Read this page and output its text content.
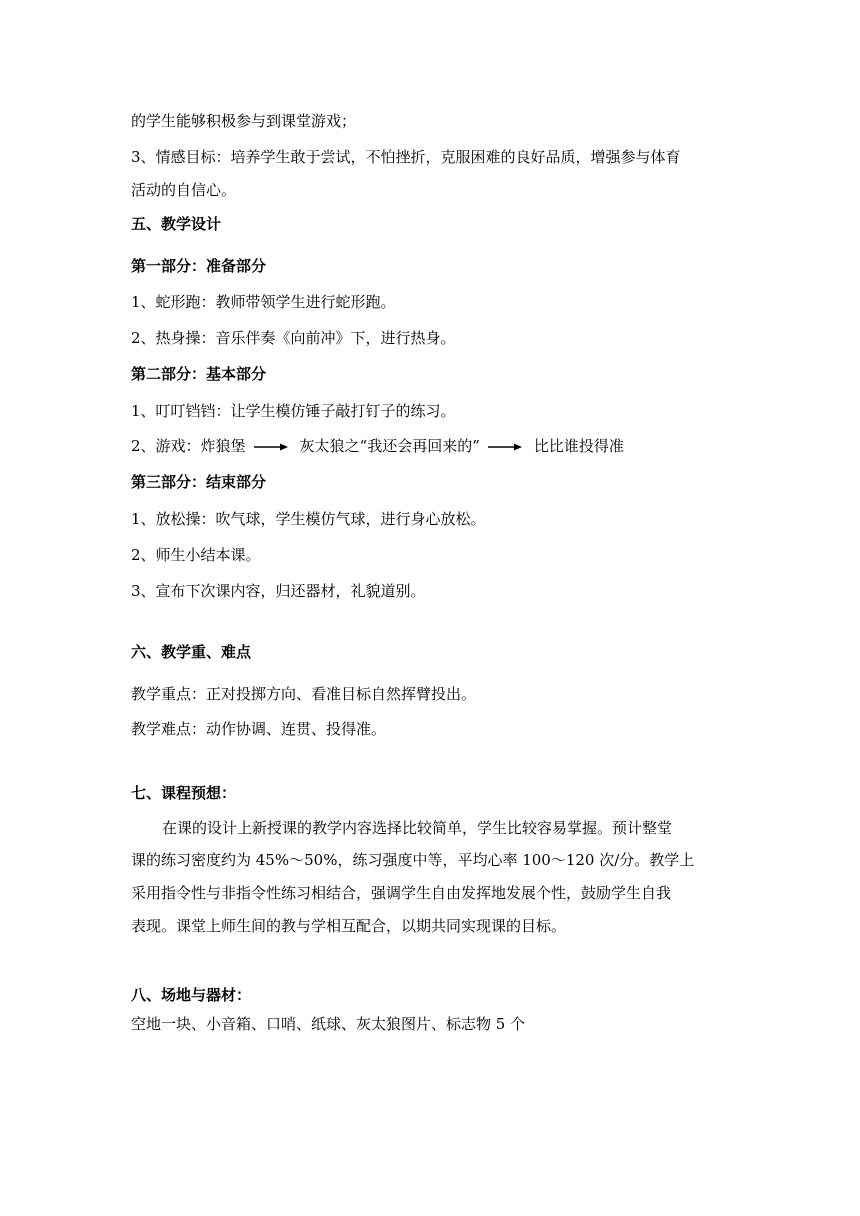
的学生能够积极参与到课堂游戏；
3、情感目标：培养学生敢于尝试，不怕挫折，克服困难的良好品质，增强参与体育
活动的自信心。
五、教学设计
第一部分：准备部分
1、蛇形跑：教师带领学生进行蛇形跑。
2、热身操：音乐伴奏《向前冲》下，进行热身。
第二部分：基本部分
1、叮叮铛铛：让学生模仿锤子敲打钉子的练习。
2、游戏：炸狼堡	灰太狼之“我还会再回来的”	比比谁投得准
第三部分：结束部分
1、放松操：吹气球，学生模仿气球，进行身心放松。
2、师生小结本课。
3、宣布下次课内容，归还器材，礼貌道别。
六、教学重、难点
教学重点：正对投掷方向、看准目标自然挥臂投出。
教学难点：动作协调、连贯、投得准。
七、课程预想：
在课的设计上新授课的教学内容选择比较简单，学生比较容易掌握。预计整堂
课的练习密度约为 45%～50%，练习强度中等，平均心率 100～120 次/分。教学上
采用指令性与非指令性练习相结合，强调学生自由发挥地发展个性，鼓励学生自我
表现。课堂上师生间的教与学相互配合，以期共同实现课的目标。
八、场地与器材：
空地一块、小音箱、口哨、纸球、灰太狼图片、标志物 5 个
